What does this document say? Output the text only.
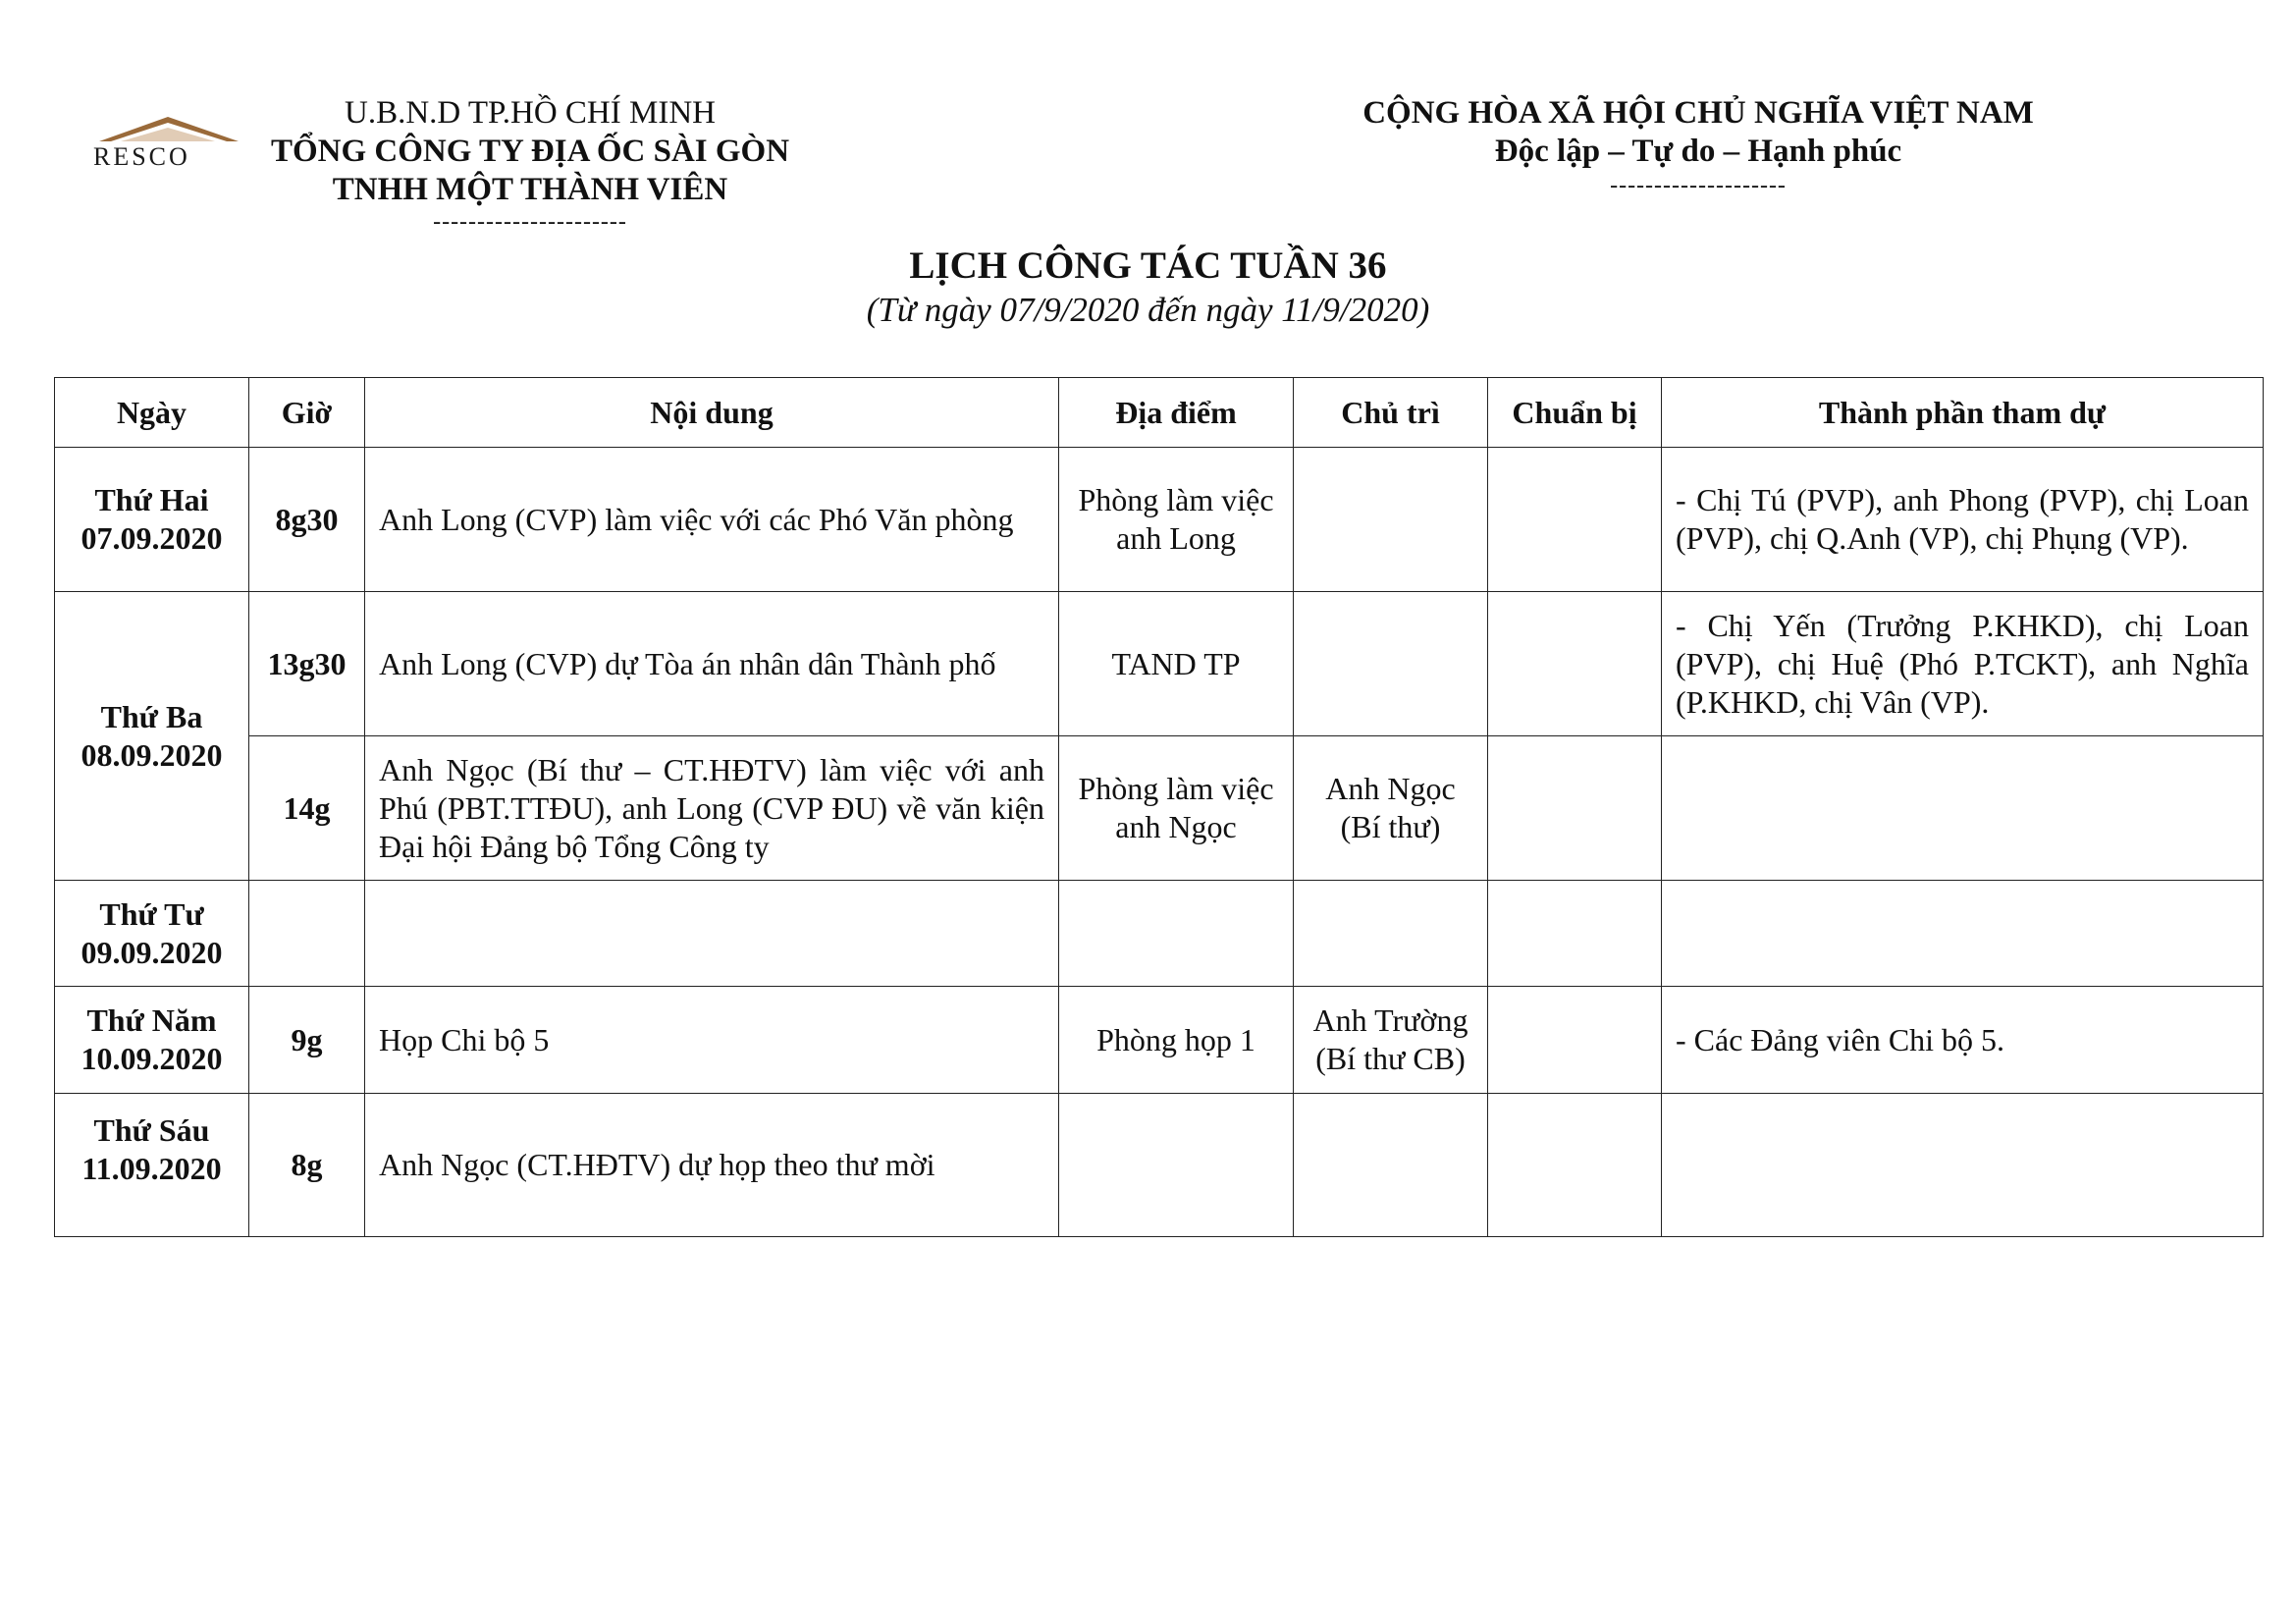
RESCO
U.B.N.D TP.HỒ CHÍ MINH
TỔNG CÔNG TY ĐỊA ỐC SÀI GÒN
TNHH MỘT THÀNH VIÊN
----------------------
CỘNG HÒA XÃ HỘI CHỦ NGHĨA VIỆT NAM
Độc lập – Tự do – Hạnh phúc
--------------------
LỊCH CÔNG TÁC TUẦN 36
(Từ ngày 07/9/2020 đến ngày 11/9/2020)
Ngày	Giờ	Nội dung	Địa điểm	Chủ trì	Chuẩn bị	Thành phần tham dự

Thứ Hai
07.09.2020	8g30	Anh Long (CVP) làm việc với các Phó Văn phòng	Phòng làm việc anh Long			- Chị Tú (PVP), anh Phong (PVP), chị Loan (PVP), chị Q.Anh (VP), chị Phụng (VP).

Thứ Ba
08.09.2020	13g30	Anh Long (CVP) dự Tòa án nhân dân Thành phố	TAND TP			- Chị Yến (Trưởng P.KHKD), chị Loan (PVP), chị Huệ (Phó P.TCKT), anh Nghĩa (P.KHKD, chị Vân (VP).
	14g	Anh Ngọc (Bí thư – CT.HĐTV) làm việc với anh Phú (PBT.TTĐU), anh Long (CVP ĐU) về văn kiện Đại hội Đảng bộ Tổng Công ty	Phòng làm việc anh Ngọc	Anh Ngọc (Bí thư)		

Thứ Tư
09.09.2020						

Thứ Năm
10.09.2020	9g	Họp Chi bộ 5	Phòng họp 1	Anh Trường (Bí thư CB)		- Các Đảng viên Chi bộ 5.

Thứ Sáu
11.09.2020	8g	Anh Ngọc (CT.HĐTV) dự họp theo thư mời				
